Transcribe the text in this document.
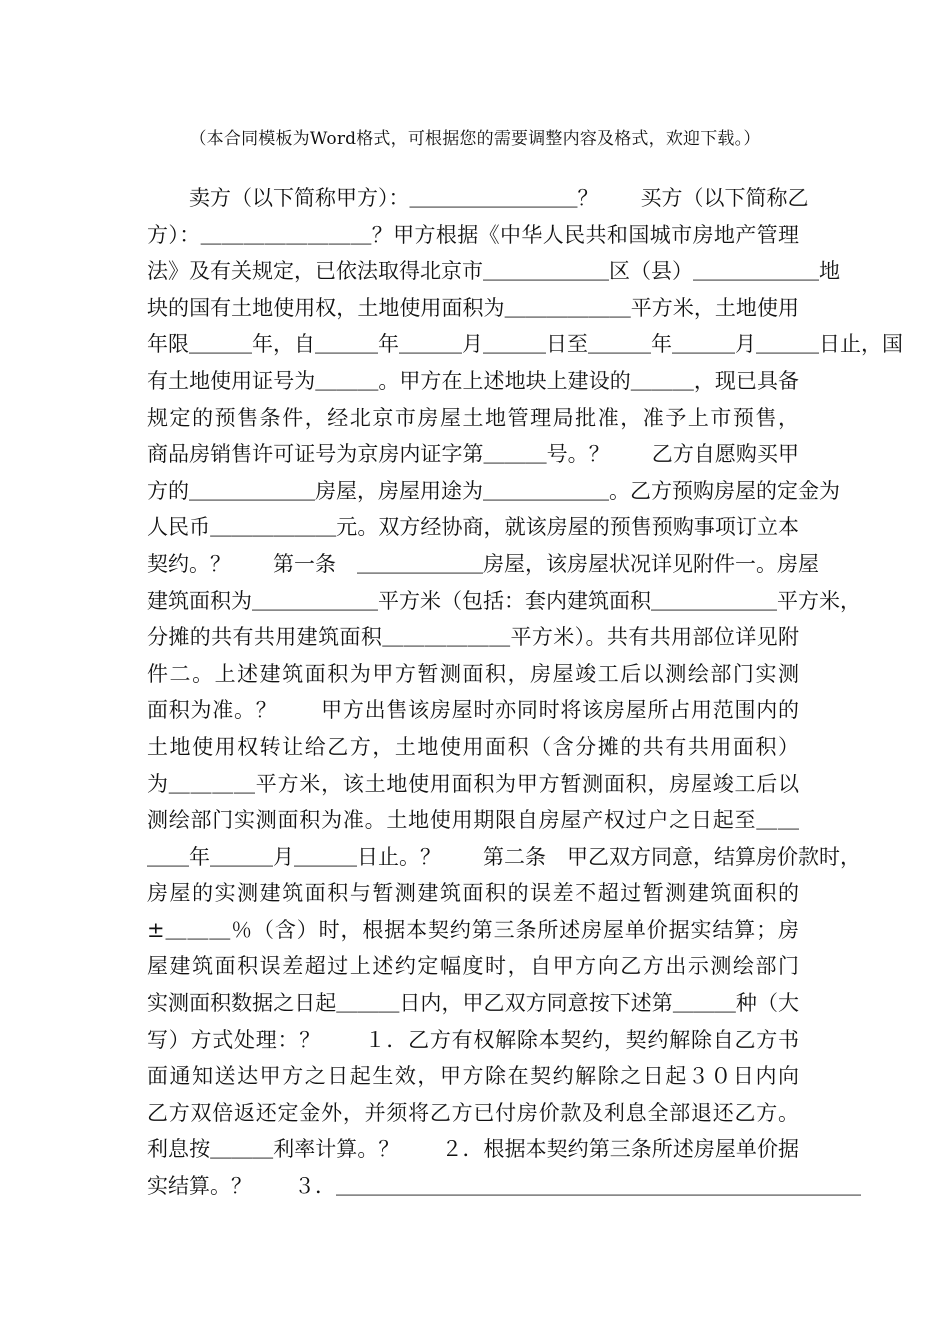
（本合同模板为Word格式，可根据您的需要调整内容及格式，欢迎下载。）
　　卖方（以下简称甲方）：＿＿＿＿＿＿＿＿？　　买方（以下简称乙
方）：＿＿＿＿＿＿＿＿？甲方根据《中华人民共和国城市房地产管理
法》及有关规定，已依法取得北京市＿＿＿＿＿＿区（县）＿＿＿＿＿＿地
块的国有土地使用权，土地使用面积为＿＿＿＿＿＿平方米，土地使用
年限＿＿＿年，自＿＿＿年＿＿＿月＿＿＿日至＿＿＿年＿＿＿月＿＿＿日止，国
有土地使用证号为＿＿＿。甲方在上述地块上建设的＿＿＿，现已具备
规定的预售条件，经北京市房屋土地管理局批准，准予上市预售，
商品房销售许可证号为京房内证字第＿＿＿号。？　　乙方自愿购买甲
方的＿＿＿＿＿＿房屋，房屋用途为＿＿＿＿＿＿。乙方预购房屋的定金为
人民币＿＿＿＿＿＿元。双方经协商，就该房屋的预售预购事项订立本
契约。？　　第一条　＿＿＿＿＿＿房屋，该房屋状况详见附件一。房屋
建筑面积为＿＿＿＿＿＿平方米（包括：套内建筑面积＿＿＿＿＿＿平方米，
分摊的共有共用建筑面积＿＿＿＿＿＿平方米）。共有共用部位详见附
件二。上述建筑面积为甲方暂测面积，房屋竣工后以测绘部门实测
面积为准。？　　甲方出售该房屋时亦同时将该房屋所占用范围内的
土地使用权转让给乙方，土地使用面积（含分摊的共有共用面积）
为＿＿＿＿平方米，该土地使用面积为甲方暂测面积，房屋竣工后以
测绘部门实测面积为准。土地使用期限自房屋产权过户之日起至＿＿
＿＿年＿＿＿月＿＿＿日止。？　　第二条　甲乙双方同意，结算房价款时，
房屋的实测建筑面积与暂测建筑面积的误差不超过暂测建筑面积的
±＿＿＿％（含）时，根据本契约第三条所述房屋单价据实结算；房
屋建筑面积误差超过上述约定幅度时，自甲方向乙方出示测绘部门
实测面积数据之日起＿＿＿日内，甲乙双方同意按下述第＿＿＿种（大
写）方式处理：？　　１．乙方有权解除本契约，契约解除自乙方书
面通知送达甲方之日起生效，甲方除在契约解除之日起３０日内向
乙方双倍返还定金外，并须将乙方已付房价款及利息全部退还乙方。
利息按＿＿＿利率计算。？　　２．根据本契约第三条所述房屋单价据
实结算。？　　３．＿＿＿＿＿＿＿＿＿＿＿＿＿＿＿＿＿＿＿＿＿＿＿＿＿
